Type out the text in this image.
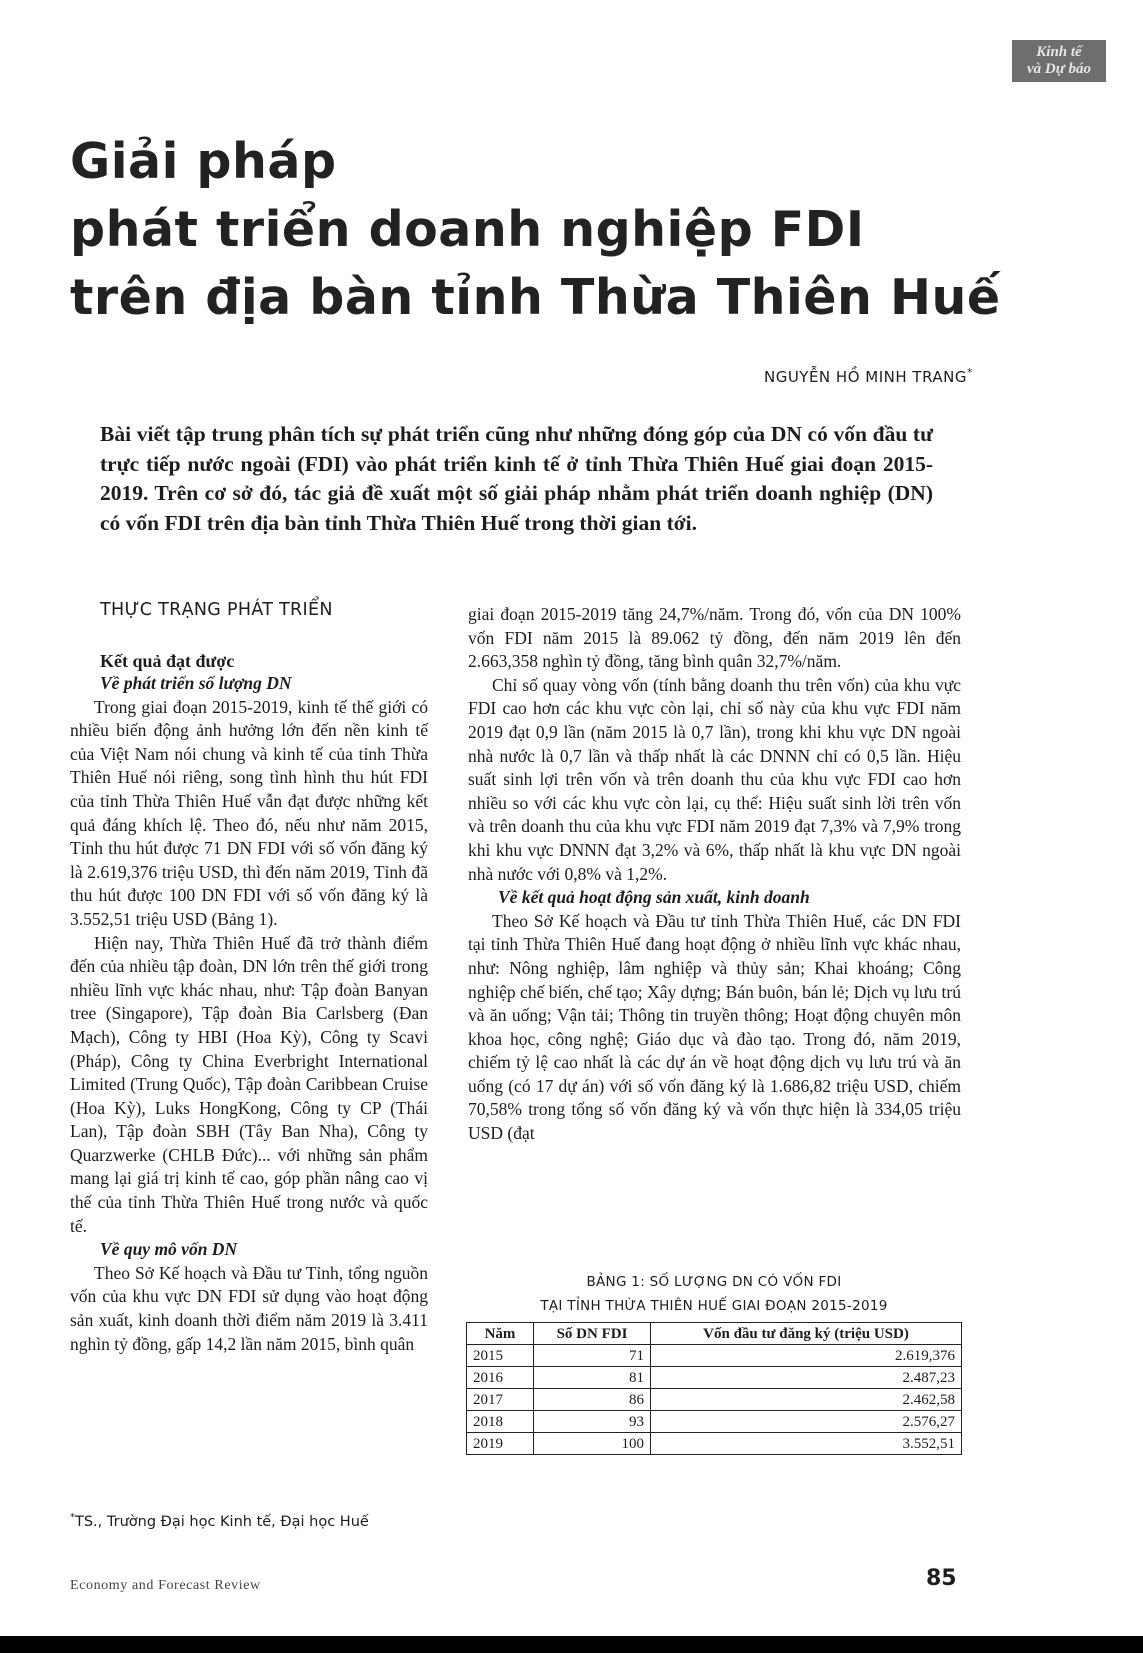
Kinh tế
và Dự báo
Giải pháp
phát triển doanh nghiệp FDI
trên địa bàn tỉnh Thừa Thiên Huế
NGUYỄN HỒ MINH TRANG*

Bài viết tập trung phân tích sự phát triển cũng như những đóng góp của DN có vốn đầu tư trực tiếp nước ngoài (FDI) vào phát triển kinh tế ở tỉnh Thừa Thiên Huế giai đoạn 2015-2019. Trên cơ sở đó, tác giả đề xuất một số giải pháp nhằm phát triển doanh nghiệp (DN) có vốn FDI trên địa bàn tỉnh Thừa Thiên Huế trong thời gian tới.

THỰC TRẠNG PHÁT TRIỂN
Kết quả đạt được
Về phát triển số lượng DN

Trong giai đoạn 2015-2019, kinh tế thế giới có nhiều biến động ảnh hưởng lớn đến nền kinh tế của Việt Nam nói chung và kinh tế của tỉnh Thừa Thiên Huế nói riêng, song tình hình thu hút FDI của tỉnh Thừa Thiên Huế vẫn đạt được những kết quả đáng khích lệ. Theo đó, nếu như năm 2015, Tỉnh thu hút được 71 DN FDI với số vốn đăng ký là 2.619,376 triệu USD, thì đến năm 2019, Tỉnh đã thu hút được 100 DN FDI với số vốn đăng ký là 3.552,51 triệu USD (Bảng 1).

Hiện nay, Thừa Thiên Huế đã trở thành điểm đến của nhiều tập đoàn, DN lớn trên thế giới trong nhiều lĩnh vực khác nhau, như: Tập đoàn Banyan tree (Singapore), Tập đoàn Bia Carlsberg (Đan Mạch), Công ty HBI (Hoa Kỳ), Công ty Scavi (Pháp), Công ty China Everbright International Limited (Trung Quốc), Tập đoàn Caribbean Cruise (Hoa Kỳ), Luks HongKong, Công ty CP (Thái Lan), Tập đoàn SBH (Tây Ban Nha), Công ty Quarzwerke (CHLB Đức)... với những sản phẩm mang lại giá trị kinh tế cao, góp phần nâng cao vị thế của tỉnh Thừa Thiên Huế trong nước và quốc tế.

Về quy mô vốn DN

Theo Sở Kế hoạch và Đầu tư Tỉnh, tổng nguồn vốn của khu vực DN FDI sử dụng vào hoạt động sản xuất, kinh doanh thời điểm năm 2019 là 3.411 nghìn tỷ đồng, gấp 14,2 lần năm 2015, bình quân

giai đoạn 2015-2019 tăng 24,7%/năm. Trong đó, vốn của DN 100% vốn FDI năm 2015 là 89.062 tỷ đồng, đến năm 2019 lên đến 2.663,358 nghìn tỷ đồng, tăng bình quân 32,7%/năm.

Chỉ số quay vòng vốn (tính bằng doanh thu trên vốn) của khu vực FDI cao hơn các khu vực còn lại, chỉ số này của khu vực FDI năm 2019 đạt 0,9 lần (năm 2015 là 0,7 lần), trong khi khu vực DN ngoài nhà nước là 0,7 lần và thấp nhất là các DNNN chỉ có 0,5 lần. Hiệu suất sinh lợi trên vốn và trên doanh thu của khu vực FDI cao hơn nhiều so với các khu vực còn lại, cụ thể: Hiệu suất sinh lời trên vốn và trên doanh thu của khu vực FDI năm 2019 đạt 7,3% và 7,9% trong khi khu vực DNNN đạt 3,2% và 6%, thấp nhất là khu vực DN ngoài nhà nước với 0,8% và 1,2%.

Về kết quả hoạt động sản xuất, kinh doanh

Theo Sở Kế hoạch và Đầu tư tỉnh Thừa Thiên Huế, các DN FDI tại tỉnh Thừa Thiên Huế đang hoạt động ở nhiều lĩnh vực khác nhau, như: Nông nghiệp, lâm nghiệp và thủy sản; Khai khoáng; Công nghiệp chế biến, chế tạo; Xây dựng; Bán buôn, bán lẻ; Dịch vụ lưu trú và ăn uống; Vận tải; Thông tin truyền thông; Hoạt động chuyên môn khoa học, công nghệ; Giáo dục và đào tạo. Trong đó, năm 2019, chiếm tỷ lệ cao nhất là các dự án về hoạt động dịch vụ lưu trú và ăn uống (có 17 dự án) với số vốn đăng ký là 1.686,82 triệu USD, chiếm 70,58% trong tổng số vốn đăng ký và vốn thực hiện là 334,05 triệu USD (đạt

BẢNG 1: SỐ LƯỢNG DN CÓ VỐN FDI

TẠI TỈNH THỪA THIÊN HUẾ GIAI ĐOẠN 2015-2019

Năm	Số DN FDI	Vốn đầu tư đăng ký (triệu USD)
2015	71	2.619,376
2016	81	2.487,23
2017	86	2.462,58
2018	93	2.576,27
2019	100	3.552,51
*TS., Trường Đại học Kinh tế, Đại học Huế
Economy and Forecast Review	85
